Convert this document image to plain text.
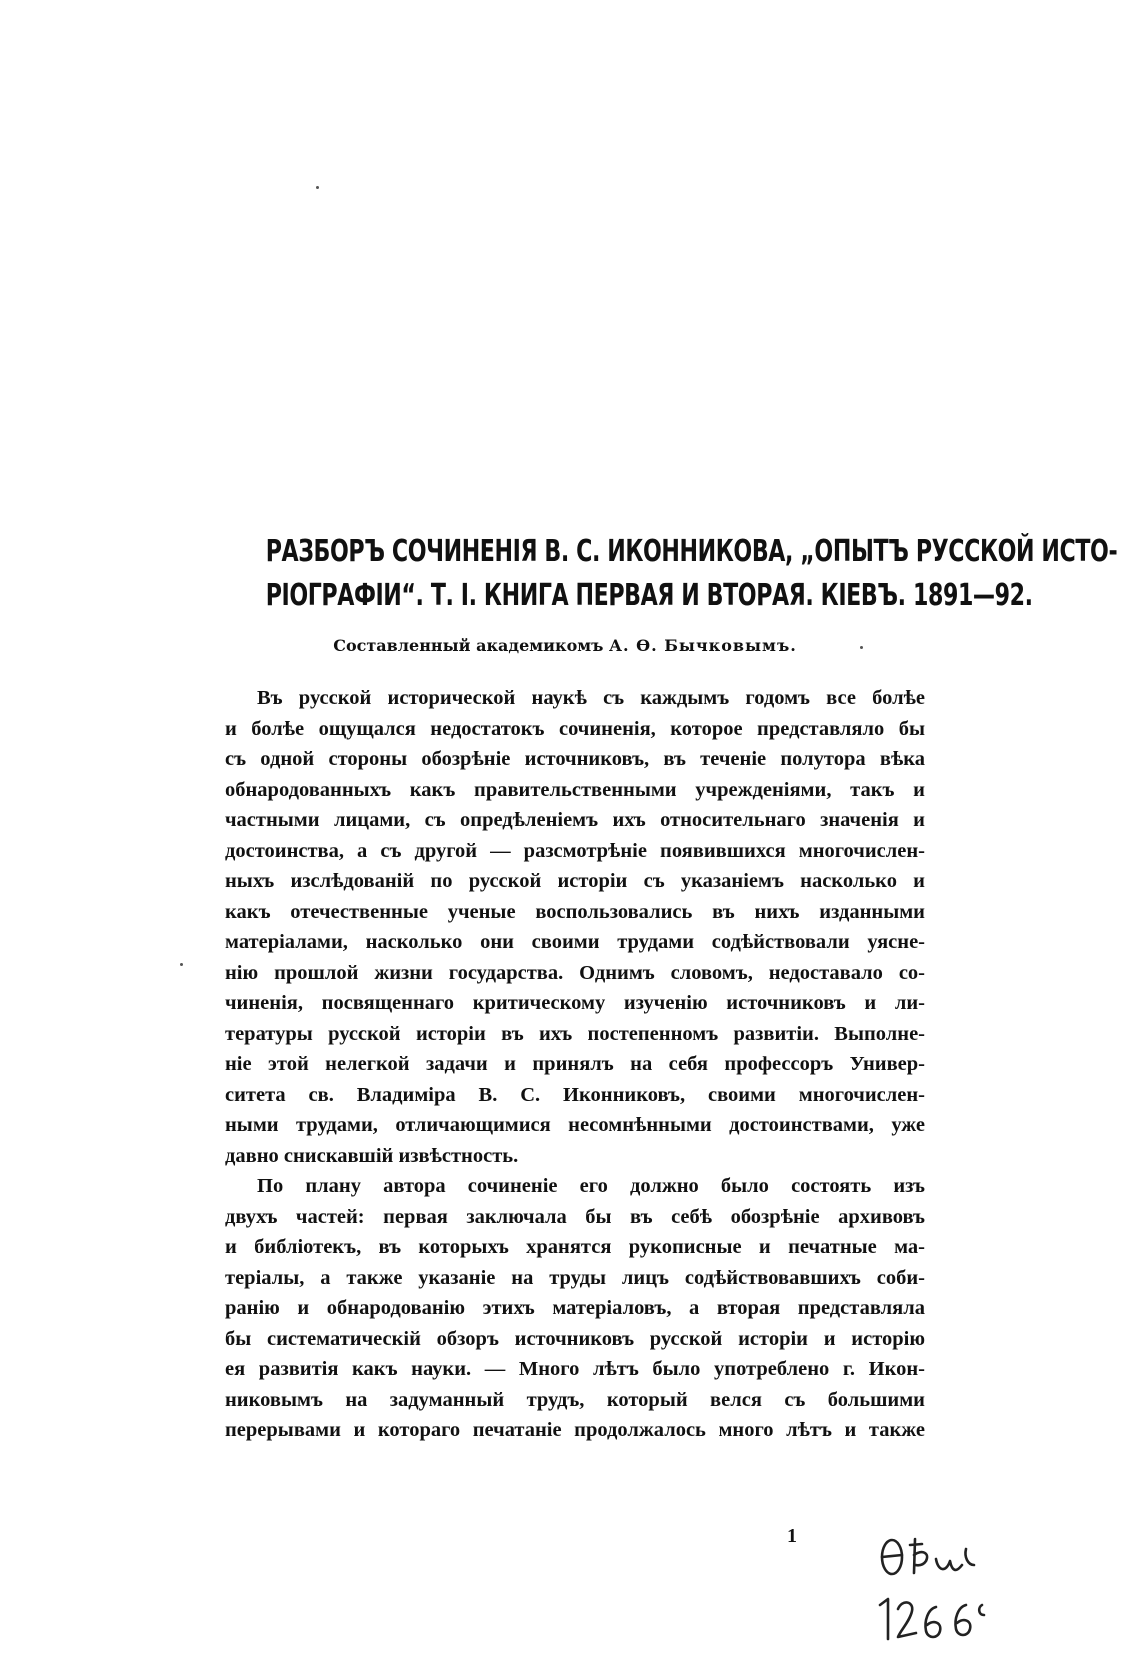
РАЗБОРЪ СОЧИНЕНІЯ В. С. ИКОННИКОВА, „ОПЫТЪ РУССКОЙ ИСТО-
РІОГРАФІИ“. Т. I. КНИГА ПЕРВАЯ И ВТОРАЯ. КІЕВЪ. 1891—92.
Составленный академикомъ А. Ѳ. Бычковымъ.
Въ русской исторической наукѣ съ каждымъ годомъ все болѣе
и болѣе ощущался недостатокъ сочиненія, которое представляло бы
съ одной стороны обозрѣніе источниковъ, въ теченіе полутора вѣка
обнародованныхъ какъ правительственными учрежденіями, такъ и
частными лицами, съ опредѣленіемъ ихъ относительнаго значенія и
достоинства, а съ другой — разсмотрѣніе появившихся многочислен-
ныхъ изслѣдованій по русской исторіи съ указаніемъ насколько и
какъ отечественные ученые воспользовались въ нихъ изданными
матеріалами, насколько они своими трудами содѣйствовали уясне-
нію прошлой жизни государства. Однимъ словомъ, недоставало со-
чиненія, посвященнаго критическому изученію источниковъ и ли-
тературы русской исторіи въ ихъ постепенномъ развитіи. Выполне-
ніе этой нелегкой задачи и принялъ на себя профессоръ Универ-
ситета св. Владиміра В. С. Иконниковъ, своими многочислен-
ными трудами, отличающимися несомнѣнными достоинствами, уже
давно снискавшій извѣстность.
По плану автора сочиненіе его должно было состоять изъ
двухъ частей: первая заключала бы въ себѣ обозрѣніе архивовъ
и библіотекъ, въ которыхъ хранятся рукописные и печатные ма-
теріалы, а также указаніе на труды лицъ содѣйствовавшихъ соби-
ранію и обнародованію этихъ матеріаловъ, а вторая представляла
бы систематическій обзоръ источниковъ русской исторіи и исторію
ея развитія какъ науки. — Много лѣтъ было употреблено г. Икон-
никовымъ на задуманный трудъ, который велся съ большими
перерывами и котораго печатаніе продолжалось много лѣтъ и также
1
